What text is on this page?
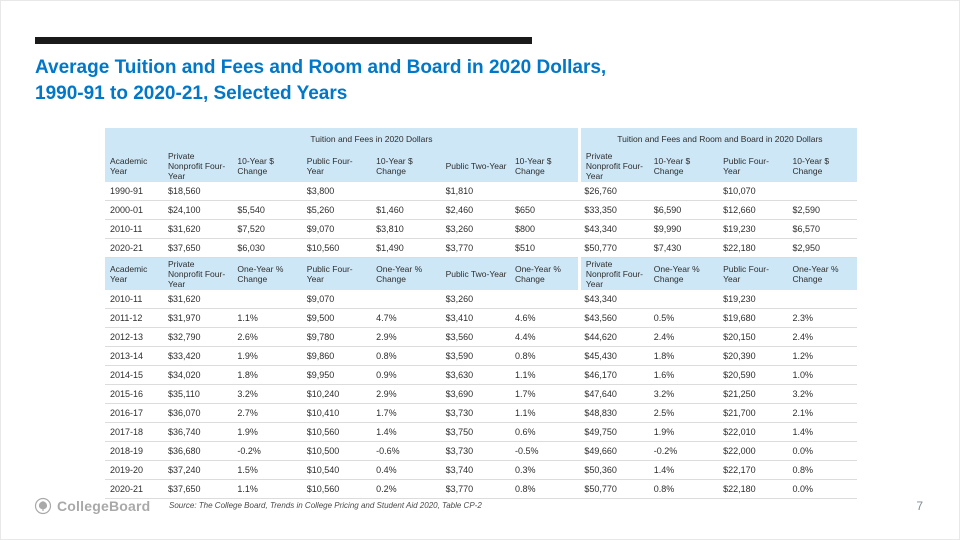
Average Tuition and Fees and Room and Board in 2020 Dollars,
1990-91 to 2020-21, Selected Years
	Tuition and Fees in 2020 Dollars						Tuition and Fees and Room and Board in 2020 Dollars			
Academic Year	Private Nonprofit Four-Year	10-Year $ Change	Public Four-Year	10-Year $ Change	Public Two-Year	10-Year $ Change	Private Nonprofit Four-Year	10-Year $ Change	Public Four-Year	10-Year $ Change
1990-91	$18,560		$3,800		$1,810		$26,760		$10,070	
2000-01	$24,100	$5,540	$5,260	$1,460	$2,460	$650	$33,350	$6,590	$12,660	$2,590
2010-11	$31,620	$7,520	$9,070	$3,810	$3,260	$800	$43,340	$9,990	$19,230	$6,570
2020-21	$37,650	$6,030	$10,560	$1,490	$3,770	$510	$50,770	$7,430	$22,180	$2,950
Academic Year	Private Nonprofit Four-Year	One-Year % Change	Public Four-Year	One-Year % Change	Public Two-Year	One-Year % Change	Private Nonprofit Four-Year	One-Year % Change	Public Four-Year	One-Year % Change
2010-11	$31,620		$9,070		$3,260		$43,340		$19,230	
2011-12	$31,970	1.1%	$9,500	4.7%	$3,410	4.6%	$43,560	0.5%	$19,680	2.3%
2012-13	$32,790	2.6%	$9,780	2.9%	$3,560	4.4%	$44,620	2.4%	$20,150	2.4%
2013-14	$33,420	1.9%	$9,860	0.8%	$3,590	0.8%	$45,430	1.8%	$20,390	1.2%
2014-15	$34,020	1.8%	$9,950	0.9%	$3,630	1.1%	$46,170	1.6%	$20,590	1.0%
2015-16	$35,110	3.2%	$10,240	2.9%	$3,690	1.7%	$47,640	3.2%	$21,250	3.2%
2016-17	$36,070	2.7%	$10,410	1.7%	$3,730	1.1%	$48,830	2.5%	$21,700	2.1%
2017-18	$36,740	1.9%	$10,560	1.4%	$3,750	0.6%	$49,750	1.9%	$22,010	1.4%
2018-19	$36,680	-0.2%	$10,500	-0.6%	$3,730	-0.5%	$49,660	-0.2%	$22,000	0.0%
2019-20	$37,240	1.5%	$10,540	0.4%	$3,740	0.3%	$50,360	1.4%	$22,170	0.8%
2020-21	$37,650	1.1%	$10,560	0.2%	$3,770	0.8%	$50,770	0.8%	$22,180	0.0%
CollegeBoard Source: The College Board, Trends in College Pricing and Student Aid 2020, Table CP-2	7
